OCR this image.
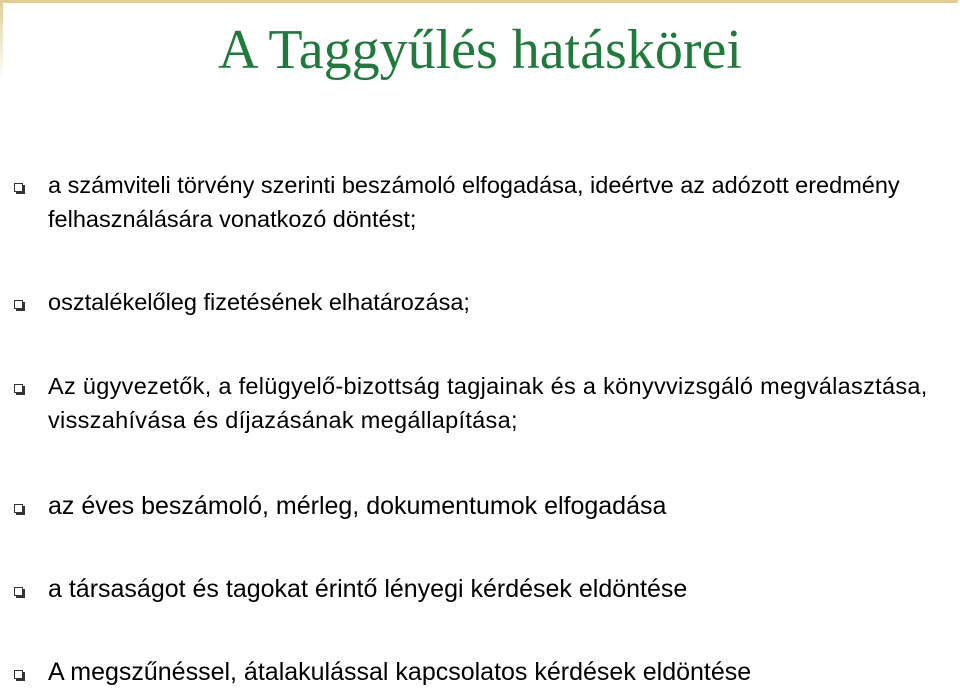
A Taggyűlés hatáskörei
a számviteli törvény szerinti beszámoló elfogadása, ideértve az adózott eredmény felhasználására vonatkozó döntést;
osztalékelőleg fizetésének elhatározása;
Az ügyvezetők, a felügyelő-bizottság tagjainak és a könyvvizsgáló megválasztása, visszahívása és díjazásának megállapítása;
az éves beszámoló, mérleg, dokumentumok elfogadása
a társaságot és tagokat érintő lényegi kérdések eldöntése
A megszűnéssel, átalakulással kapcsolatos kérdések eldöntése
